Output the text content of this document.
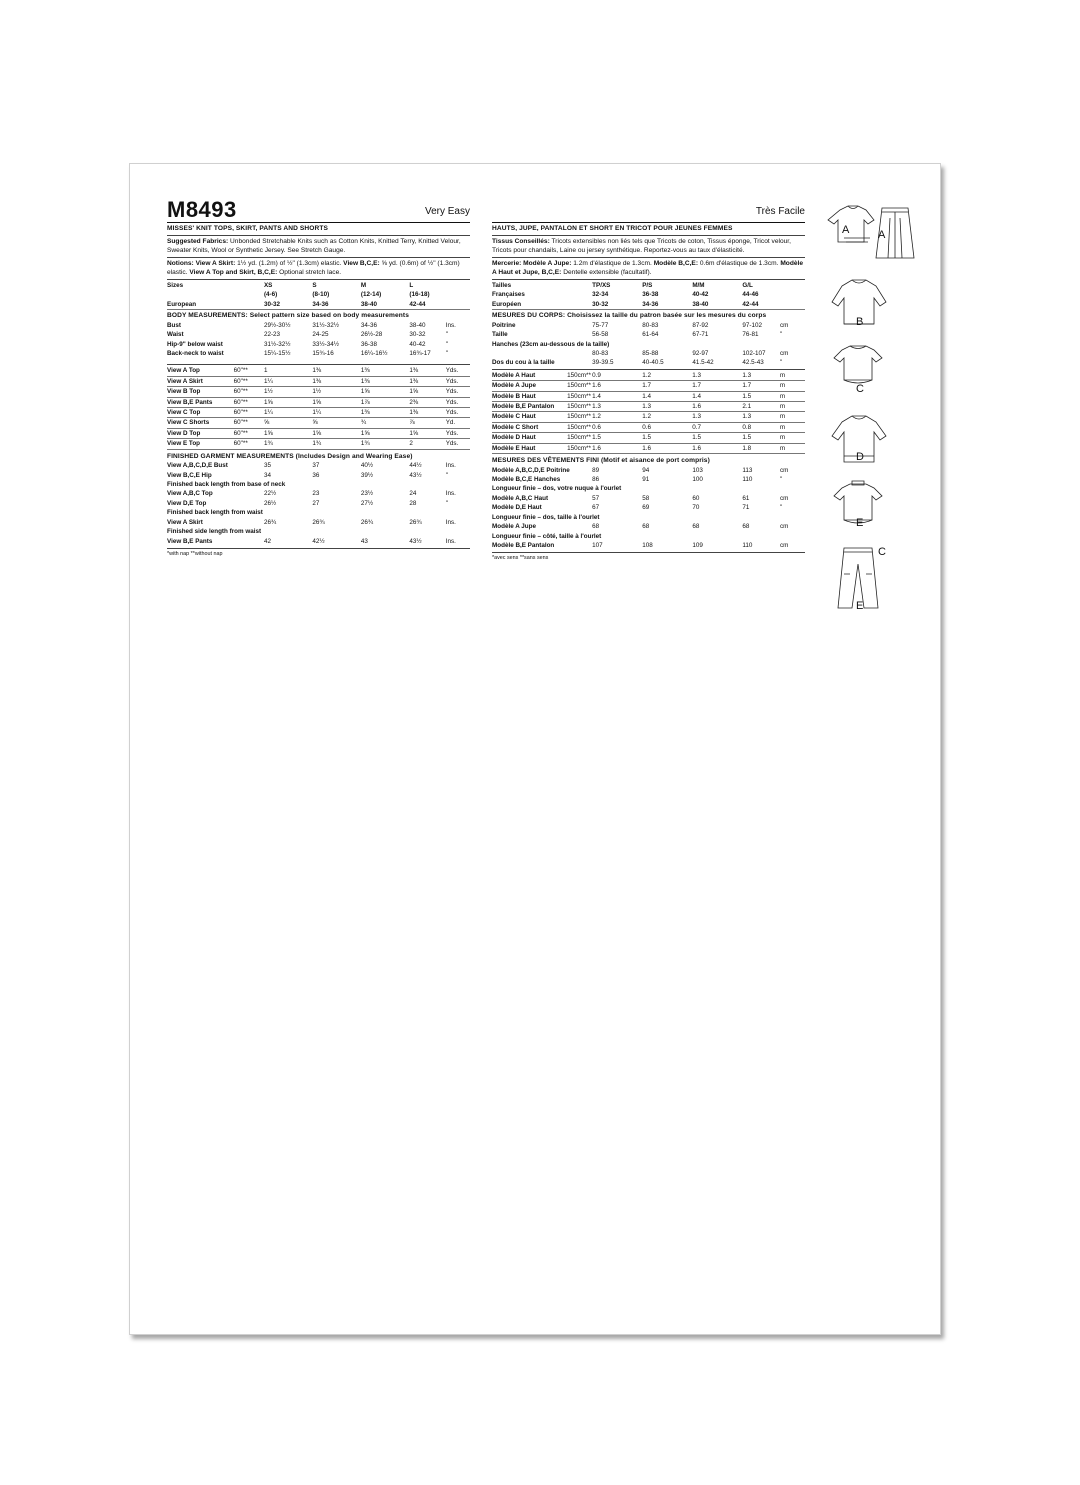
M8493	Very Easy
MISSES' KNIT TOPS, SKIRT, PANTS AND SHORTS
Suggested Fabrics: Unbonded Stretchable Knits such as Cotton Knits, Knitted Terry, Knitted Velour, Sweater Knits, Wool or Synthetic Jersey. See Stretch Gauge.
Notions: View A Skirt: 1½ yd. (1.2m) of ½" (1.3cm) elastic. View B,C,E: ⅝ yd. (0.6m) of ½" (1.3cm) elastic. View A Top and Skirt, B,C,E: Optional stretch lace.
Sizes	XS	S	M	L	
	(4-6)	(8-10)	(12-14)	(16-18)	
European	30-32	34-36	38-40	42-44	
BODY MEASUREMENTS: Select pattern size based on body measurements
Bust	29½-30½	31½-32½	34-36	38-40	Ins.
Waist	22-23	24-25	26½-28	30-32	"
Hip-9" below waist	31½-32½	33½-34½	36-38	40-42	"
Back-neck to waist	15¼-15½	15¾-16	16¼-16½	16¾-17	"
View A Top	60"**	1	1⅜	1⅜	1⅜	Yds.
View A Skirt	60"**	1¼	1⅜	1⅜	1⅜	Yds.
View B Top	60"**	1½	1½	1⅝	1⅝	Yds.
View B,E Pants	60"**	1⅝	1⅝	1⅞	2⅜	Yds.
View C Top	60"**	1¼	1¼	1⅜	1⅜	Yds.
View C Shorts	60"**	⅝	⅝	¾	⅞	Yd.
View D Top	60"**	1⅝	1⅝	1⅝	1⅝	Yds.
View E Top	60"**	1¾	1¾	1¾	2	Yds.
FINISHED GARMENT MEASUREMENTS (Includes Design and Wearing Ease)
View A,B,C,D,E Bust	35	37	40½	44½	Ins.
View B,C,E Hip	34	36	39½	43½	"
Finished back length from base of neck					
View A,B,C Top	22½	23	23½	24	Ins.
View D,E Top	26½	27	27½	28	"
Finished back length from waist					
View A Skirt	26¾	26¾	26¾	26¾	Ins.
Finished side length from waist					
View B,E Pants	42	42½	43	43½	Ins.
*with nap **without nap
Très Facile
HAUTS, JUPE, PANTALON ET SHORT EN TRICOT POUR JEUNES FEMMES
Tissus Conseillés: Tricots extensibles non liés tels que Tricots de coton, Tissus éponge, Tricot velour, Tricots pour chandails, Laine ou jersey synthétique. Reportez-vous au taux d'élasticité.
Mercerie: Modèle A Jupe: 1.2m d'élastique de 1.3cm. Modèle B,C,E: 0.6m d'élastique de 1.3cm. Modèle A Haut et Jupe, B,C,E: Dentelle extensible (facultatif).
Tailles	TP/XS	P/S	M/M	G/L	
Françaises	32-34	36-38	40-42	44-46	
Européen	30-32	34-36	38-40	42-44	
MESURES DU CORPS: Choisissez la taille du patron basée sur les mesures du corps
Poitrine	75-77	80-83	87-92	97-102	cm
Taille	56-58	61-64	67-71	76-81	"
Hanches (23cm au-dessous de la taille)					
	80-83	85-88	92-97	102-107	cm
Dos du cou à la taille	39-39.5	40-40.5	41.5-42	42.5-43	"
Modèle A Haut	150cm**	0.9	1.2	1.3	1.3	m
Modèle A Jupe	150cm**	1.6	1.7	1.7	1.7	m
Modèle B Haut	150cm**	1.4	1.4	1.4	1.5	m
Modèle B,E Pantalon	150cm**	1.3	1.3	1.6	2.1	m
Modèle C Haut	150cm**	1.2	1.2	1.3	1.3	m
Modèle C Short	150cm**	0.6	0.6	0.7	0.8	m
Modèle D Haut	150cm**	1.5	1.5	1.5	1.5	m
Modèle E Haut	150cm**	1.6	1.6	1.6	1.8	m
MESURES DES VÊTEMENTS FINI (Motif et aisance de port compris)
Modèle A,B,C,D,E Poitrine	89	94	103	113	cm
Modèle B,C,E Hanches	86	91	100	110	"
Longueur finie – dos, votre nuque à l'ourlet					
Modèle A,B,C Haut	57	58	60	61	cm
Modèle D,E Haut	67	69	70	71	"
Longueur finie – dos, taille à l'ourlet					
Modèle A Jupe	68	68	68	68	cm
Longueur finie – côté, taille à l'ourlet					
Modèle B,E Pantalon	107	108	109	110	cm
*avec sens **sans sens
A	A
B
C
D
E
C
E
